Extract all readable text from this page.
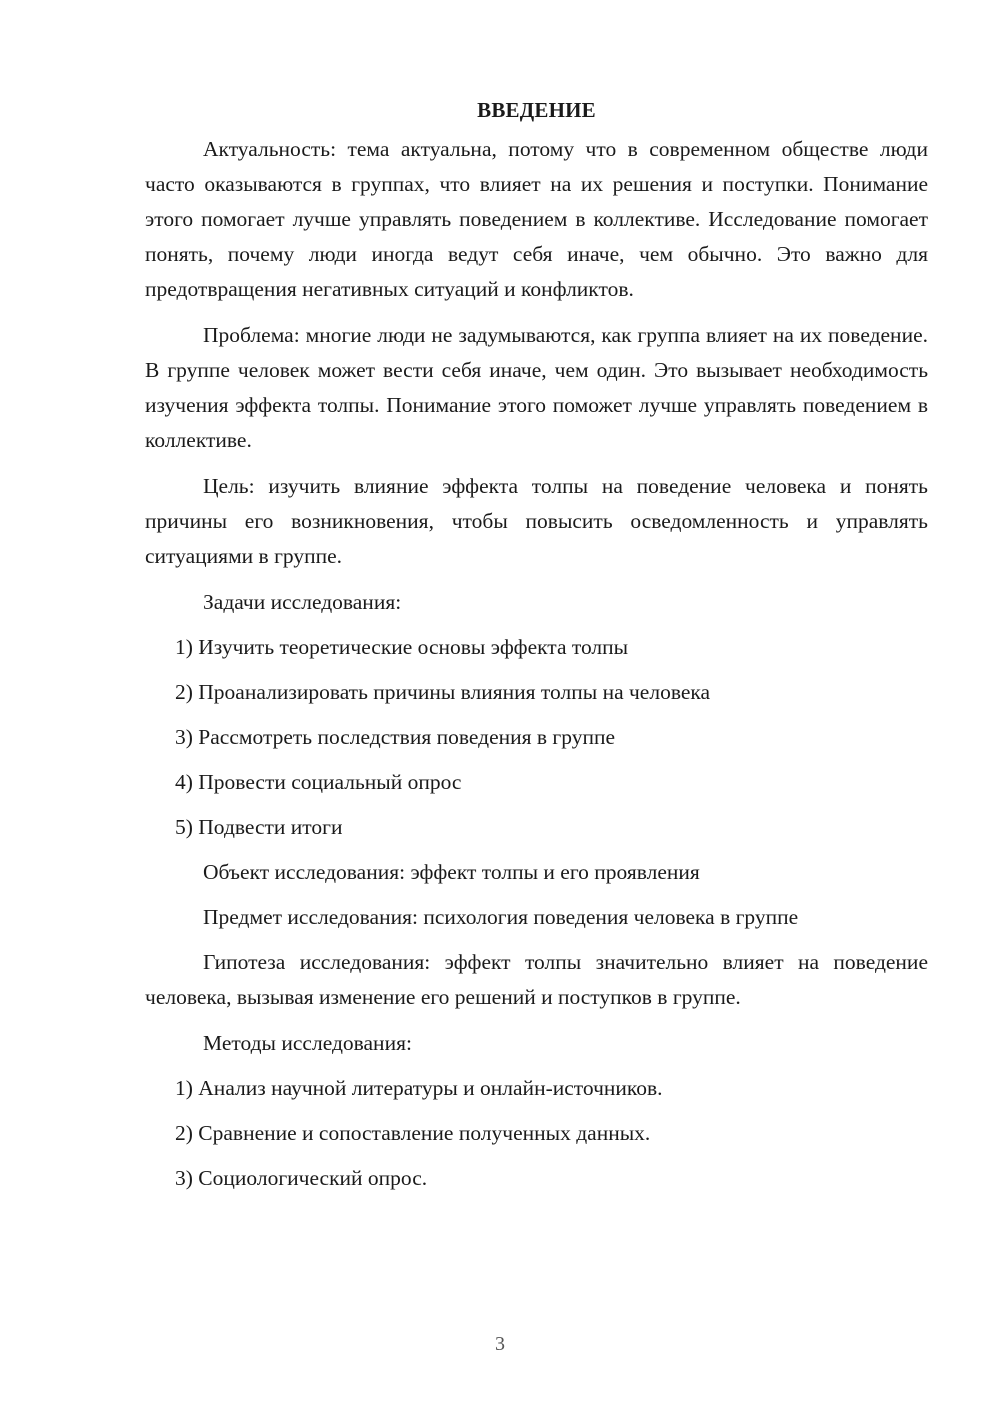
ВВЕДЕНИЕ

Актуальность: тема актуальна, потому что в современном обществе люди часто оказываются в группах, что влияет на их решения и поступки. Понимание этого помогает лучше управлять поведением в коллективе. Исследование помогает понять, почему люди иногда ведут себя иначе, чем обычно. Это важно для предотвращения негативных ситуаций и конфликтов.

Проблема: многие люди не задумываются, как группа влияет на их поведение. В группе человек может вести себя иначе, чем один. Это вызывает необходимость изучения эффекта толпы. Понимание этого поможет лучше управлять поведением в коллективе.

Цель: изучить влияние эффекта толпы на поведение человека и понять причины его возникновения, чтобы повысить осведомленность и управлять ситуациями в группе.

Задачи исследования:
1) Изучить теоретические основы эффекта толпы
2) Проанализировать причины влияния толпы на человека
3) Рассмотреть последствия поведения в группе
4) Провести социальный опрос
5) Подвести итоги
Объект исследования: эффект толпы и его проявления
Предмет исследования: психология поведения человека в группе

Гипотеза исследования: эффект толпы значительно влияет на поведение человека, вызывая изменение его решений и поступков в группе.

Методы исследования:
1) Анализ научной литературы и онлайн-источников.
2) Сравнение и сопоставление полученных данных.
3) Социологический опрос.
3
